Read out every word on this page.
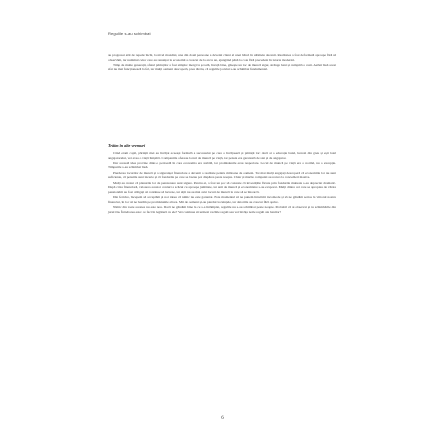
Regulile s-au schimbat

au progresat atât de repede încât, la nivel mondial, una din două persoane a devenit client al unei bănci în ultimele decenii. Realitatea a fost deformată aproape fără să observăm, iar numărul celor care au renunțat la economii a crescut de la an la an, ajungând până la cote fără precedent în istoria modernă.

Timp de multe generații, sfatul părinților a fost simplu: mergi la școală, învață bine, găsește un loc de muncă sigur, strânge bani și cumpără o casă. Astăzi însă acest sfat nu mai funcționează la fel, iar mulți oameni descoperă, prea târziu, că regulile jocului s-au schimbat fundamental.

Trăim în alte vremuri

Când eram copil, părinții mei au învățat aceeași formulă a succesului pe care o învățaseră și părinții lor: dacă ai o educație bună, lucrezi din greu și ești loial angajatorului, vei avea o viață liniștită. Companiile ofereau locuri de muncă pe viață, iar pensia era garantată de stat și de angajator.

Dar această idee provine dintr-o perioadă în care economia era stabilă, iar promisiunile erau respectate. Locul de muncă pe viață era o normă, nu o excepție. Timpurile s-au schimbat însă.

Pierderea locurilor de muncă și a siguranței financiare a devenit o realitate pentru milioane de oameni. Tot mai mulți angajați descoperă că economiile lor nu sunt suficiente, că pensiile sunt incerte și că fondurile pe care se bazau pot dispărea peste noapte. Chiar și marile companii au recurs la concedieri masive.

Mulți au crezut că planurile lor de pensionare sunt sigure. Pentru ei, a fost un șoc să constate că investițiile făcute prin fondurile mutuale s-au depreciat dramatic. După criza financiară, valoarea acestor conturi a scăzut cu aproape jumătate, iar anii de muncă și economisire s-au evaporat. Mulți dintre cei care se apropiau de vârsta pensionării au fost obligați să continue să lucreze, iar alții nu au mai avut locuri de muncă la care să se întoarcă.

Din fericire, începem să acceptăm și noi ideea că nimic nu este garantat. Este momentul să ne punem întrebări incomode și să ne gândim serios la viitorul nostru financiar, în loc să ne bazăm pe promisiunile altora. Mii de oameni și-au pierdut locuințele, iar datoriile au crescut fără oprire.

Nimic din toate acestea nu este nou. Dacă ne gândim bine la ce s-a întâmplat, regulile nu s-au schimbat peste noapte. Probabil că ai observat și tu schimbările din jurul tău. Întrebarea este: ce faci în legătură cu ele? Vei continua să urmezi vechile reguli sau vei învăța noile reguli ale banilor?

6
